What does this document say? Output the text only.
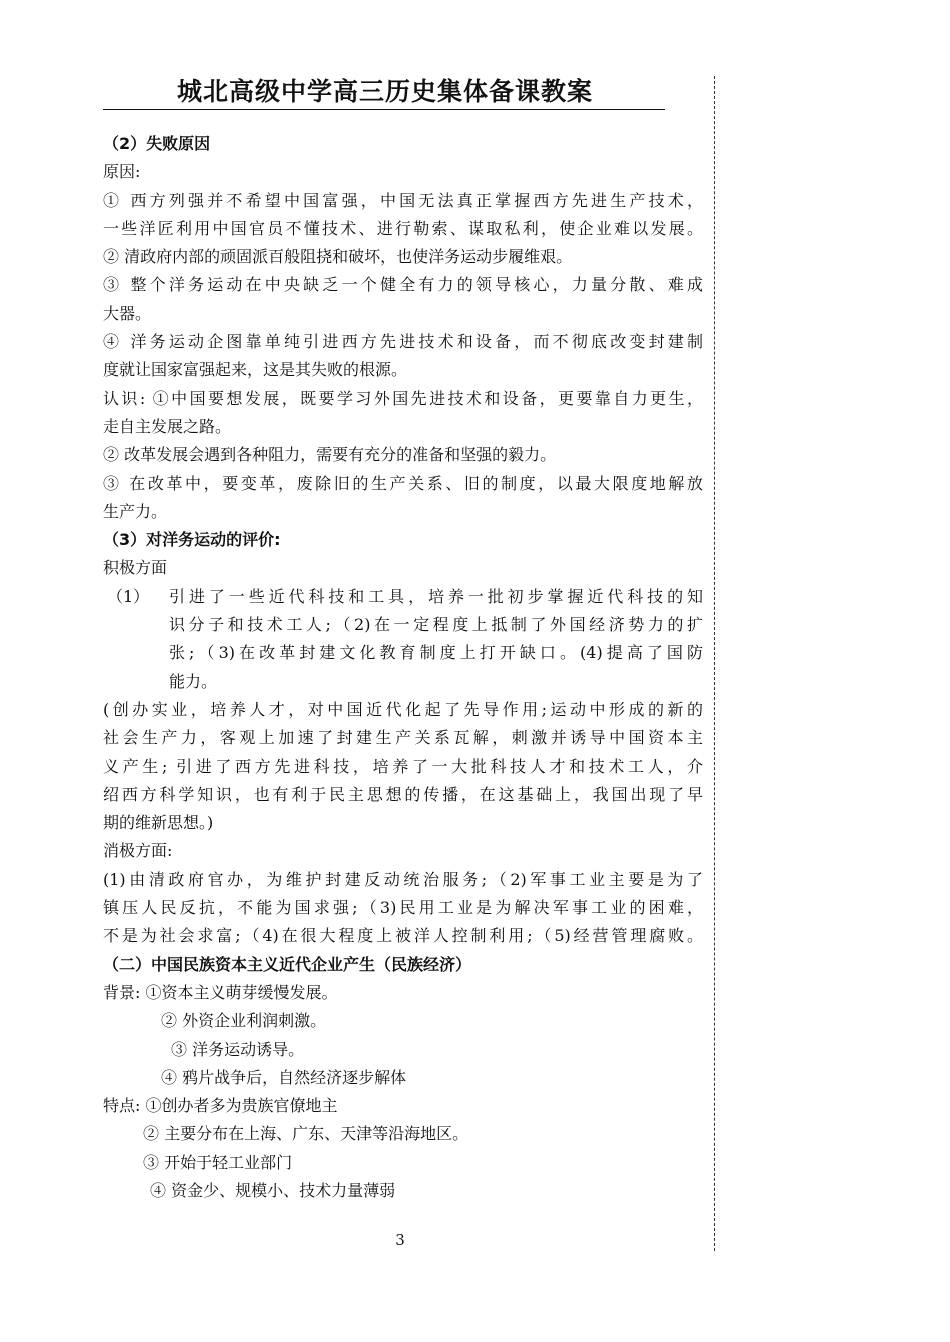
城北高级中学高三历史集体备课教案
（2）失败原因
原因:
① 西方列强并不希望中国富强，中国无法真正掌握西方先进生产技术，
一些洋匠利用中国官员不懂技术、进行勒索、谋取私利，使企业难以发展。
② 清政府内部的顽固派百般阻挠和破坏，也使洋务运动步履维艰。
③ 整个洋务运动在中央缺乏一个健全有力的领导核心，力量分散、难成
大器。
④ 洋务运动企图靠单纯引进西方先进技术和设备，而不彻底改变封建制
度就让国家富强起来，这是其失败的根源。
认识: ①中国要想发展，既要学习外国先进技术和设备，更要靠自力更生，
走自主发展之路。
② 改革发展会遇到各种阻力，需要有充分的准备和坚强的毅力。
③ 在改革中，要变革，废除旧的生产关系、旧的制度，以最大限度地解放
生产力。
（3）对洋务运动的评价:
积极方面
（1） 引进了一些近代科技和工具，培养一批初步掌握近代科技的知
识分子和技术工人;（2)在一定程度上抵制了外国经济势力的扩
张;（3)在改革封建文化教育制度上打开缺口。(4)提高了国防
能力。
(创办实业，培养人才，对中国近代化起了先导作用;运动中形成的新的
社会生产力，客观上加速了封建生产关系瓦解，刺激并诱导中国资本主
义产生; 引进了西方先进科技，培养了一大批科技人才和技术工人，介
绍西方科学知识，也有利于民主思想的传播，在这基础上，我国出现了早
期的维新思想。)
消极方面:
(1)由清政府官办，为维护封建反动统治服务;（2)军事工业主要是为了
镇压人民反抗，不能为国求强;（3)民用工业是为解决军事工业的困难，
不是为社会求富;（4)在很大程度上被洋人控制利用;（5)经营管理腐败。
（二）中国民族资本主义近代企业产生（民族经济）
背景: ①资本主义萌芽缓慢发展。
② 外资企业利润刺激。
③ 洋务运动诱导。
④ 鸦片战争后，自然经济逐步解体
特点: ①创办者多为贵族官僚地主
② 主要分布在上海、广东、天津等沿海地区。
③ 开始于轻工业部门
④ 资金少、规模小、技术力量薄弱
3
